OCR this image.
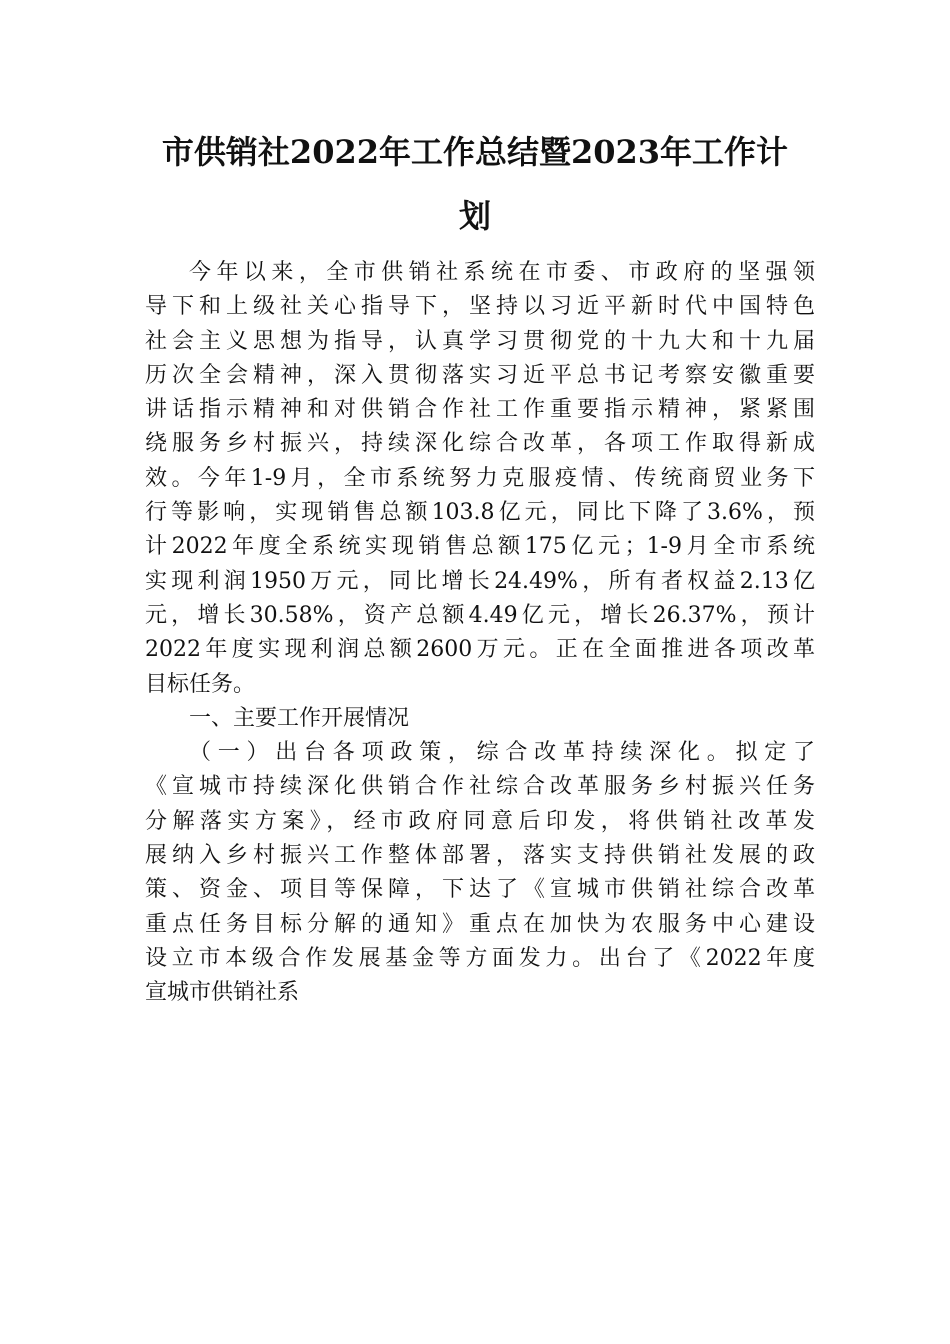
市供销社2022年工作总结暨2023年工作计
划
今年以来，全市供销社系统在市委、市政府的坚强领
导下和上级社关心指导下，坚持以习近平新时代中国特色
社会主义思想为指导，认真学习贯彻党的十九大和十九届
历次全会精神，深入贯彻落实习近平总书记考察安徽重要
讲话指示精神和对供销合作社工作重要指示精神，紧紧围
绕服务乡村振兴，持续深化综合改革，各项工作取得新成
效。今年1-9月，全市系统努力克服疫情、传统商贸业务下
行等影响，实现销售总额103.8亿元，同比下降了3.6%，预
计2022年度全系统实现销售总额175亿元；1-9月全市系统
实现利润1950万元，同比增长24.49%，所有者权益2.13亿
元，增长30.58%，资产总额4.49亿元，增长26.37%，预计
2022年度实现利润总额2600万元。正在全面推进各项改革
目标任务。
一、主要工作开展情况
（一）出台各项政策，综合改革持续深化。拟定了
《宣城市持续深化供销合作社综合改革服务乡村振兴任务
分解落实方案》，经市政府同意后印发，将供销社改革发
展纳入乡村振兴工作整体部署，落实支持供销社发展的政
策、资金、项目等保障，下达了《宣城市供销社综合改革
重点任务目标分解的通知》重点在加快为农服务中心建设
设立市本级合作发展基金等方面发力。出台了《2022年度
宣城市供销社系
